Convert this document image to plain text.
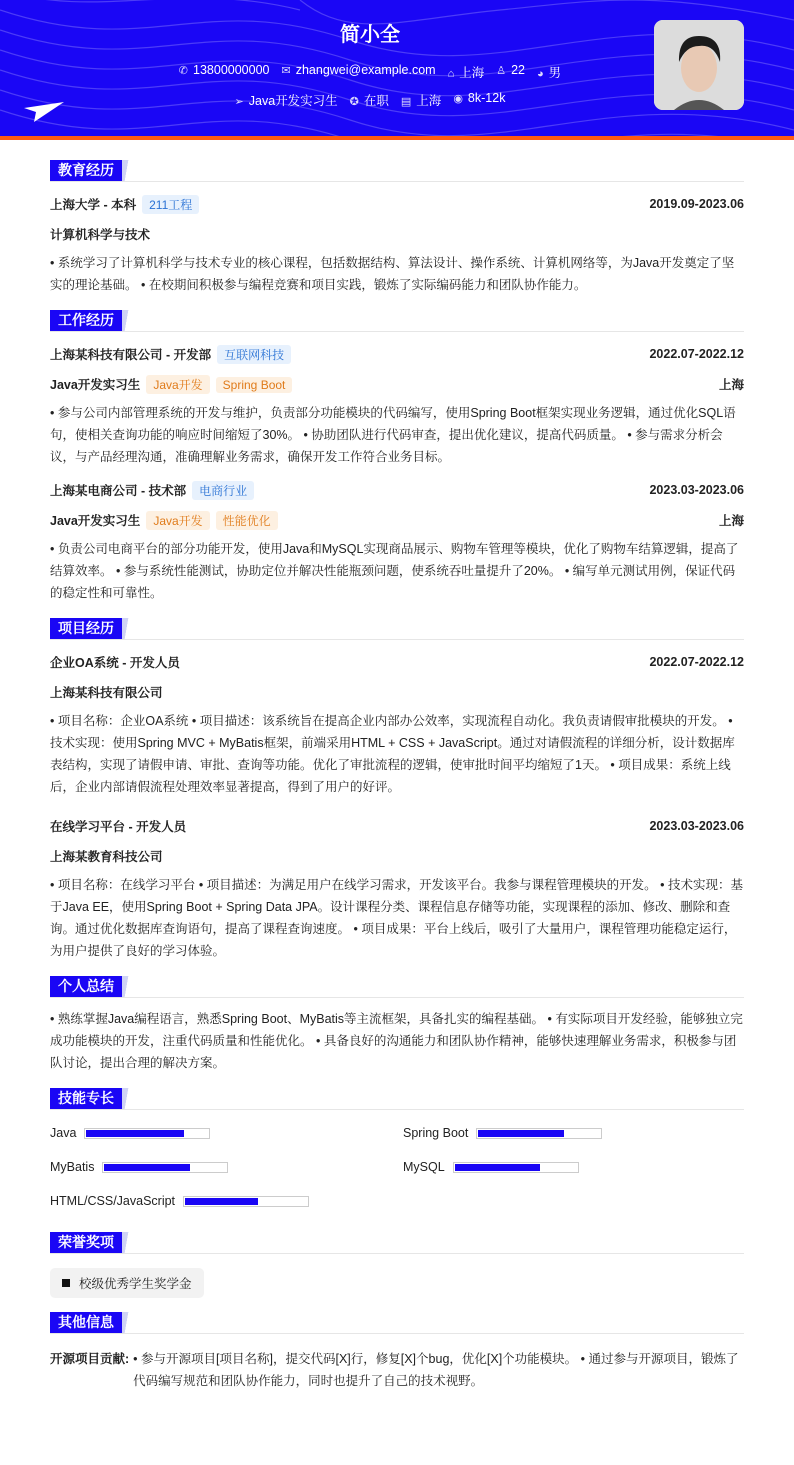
简小全
✆ 13800000000 ✉ zhangwei@example.com ⌂ 上海 ♙ 22 ◕ 男
➢ Java开发实习生 ✪ 在职 ▤ 上海 ◉ 8k-12k
教育经历
上海大学 - 本科 211工程	2019.09-2023.06
计算机科学与技术
• 系统学习了计算机科学与技术专业的核心课程，包括数据结构、算法设计、操作系统、计算机网络等，为Java开发奠定了坚实的理论基础。 • 在校期间积极参与编程竞赛和项目实践，锻炼了实际编码能力和团队协作能力。
工作经历
上海某科技有限公司 - 开发部 互联网科技	2022.07-2022.12
Java开发实习生 Java开发 Spring Boot	上海
• 参与公司内部管理系统的开发与维护，负责部分功能模块的代码编写，使用Spring Boot框架实现业务逻辑，通过优化SQL语句，使相关查询功能的响应时间缩短了30%。 • 协助团队进行代码审查，提出优化建议，提高代码质量。 • 参与需求分析会议，与产品经理沟通，准确理解业务需求，确保开发工作符合业务目标。
上海某电商公司 - 技术部 电商行业	2023.03-2023.06
Java开发实习生 Java开发 性能优化	上海
• 负责公司电商平台的部分功能开发，使用Java和MySQL实现商品展示、购物车管理等模块，优化了购物车结算逻辑，提高了结算效率。 • 参与系统性能测试，协助定位并解决性能瓶颈问题，使系统吞吐量提升了20%。 • 编写单元测试用例，保证代码的稳定性和可靠性。
项目经历
企业OA系统 - 开发人员	2022.07-2022.12
上海某科技有限公司
• 项目名称：企业OA系统 • 项目描述：该系统旨在提高企业内部办公效率，实现流程自动化。我负责请假审批模块的开发。 • 技术实现：使用Spring MVC + MyBatis框架，前端采用HTML + CSS + JavaScript。通过对请假流程的详细分析，设计数据库表结构，实现了请假申请、审批、查询等功能。优化了审批流程的逻辑，使审批时间平均缩短了1天。 • 项目成果：系统上线后，企业内部请假流程处理效率显著提高，得到了用户的好评。
在线学习平台 - 开发人员	2023.03-2023.06
上海某教育科技公司
• 项目名称：在线学习平台 • 项目描述：为满足用户在线学习需求，开发该平台。我参与课程管理模块的开发。 • 技术实现：基于Java EE，使用Spring Boot + Spring Data JPA。设计课程分类、课程信息存储等功能，实现课程的添加、修改、删除和查询。通过优化数据库查询语句，提高了课程查询速度。 • 项目成果：平台上线后，吸引了大量用户，课程管理功能稳定运行，为用户提供了良好的学习体验。
个人总结
• 熟练掌握Java编程语言，熟悉Spring Boot、MyBatis等主流框架，具备扎实的编程基础。 • 有实际项目开发经验，能够独立完成功能模块的开发，注重代码质量和性能优化。 • 具备良好的沟通能力和团队协作精神，能够快速理解业务需求，积极参与团队讨论，提出合理的解决方案。
技能专长
Java	Spring Boot
MyBatis	MySQL
HTML/CSS/JavaScript
荣誉奖项
校级优秀学生奖学金
其他信息
开源项目贡献: • 参与开源项目[项目名称]，提交代码[X]行，修复[X]个bug，优化[X]个功能模块。 • 通过参与开源项目，锻炼了代码编写规范和团队协作能力，同时也提升了自己的技术视野。
